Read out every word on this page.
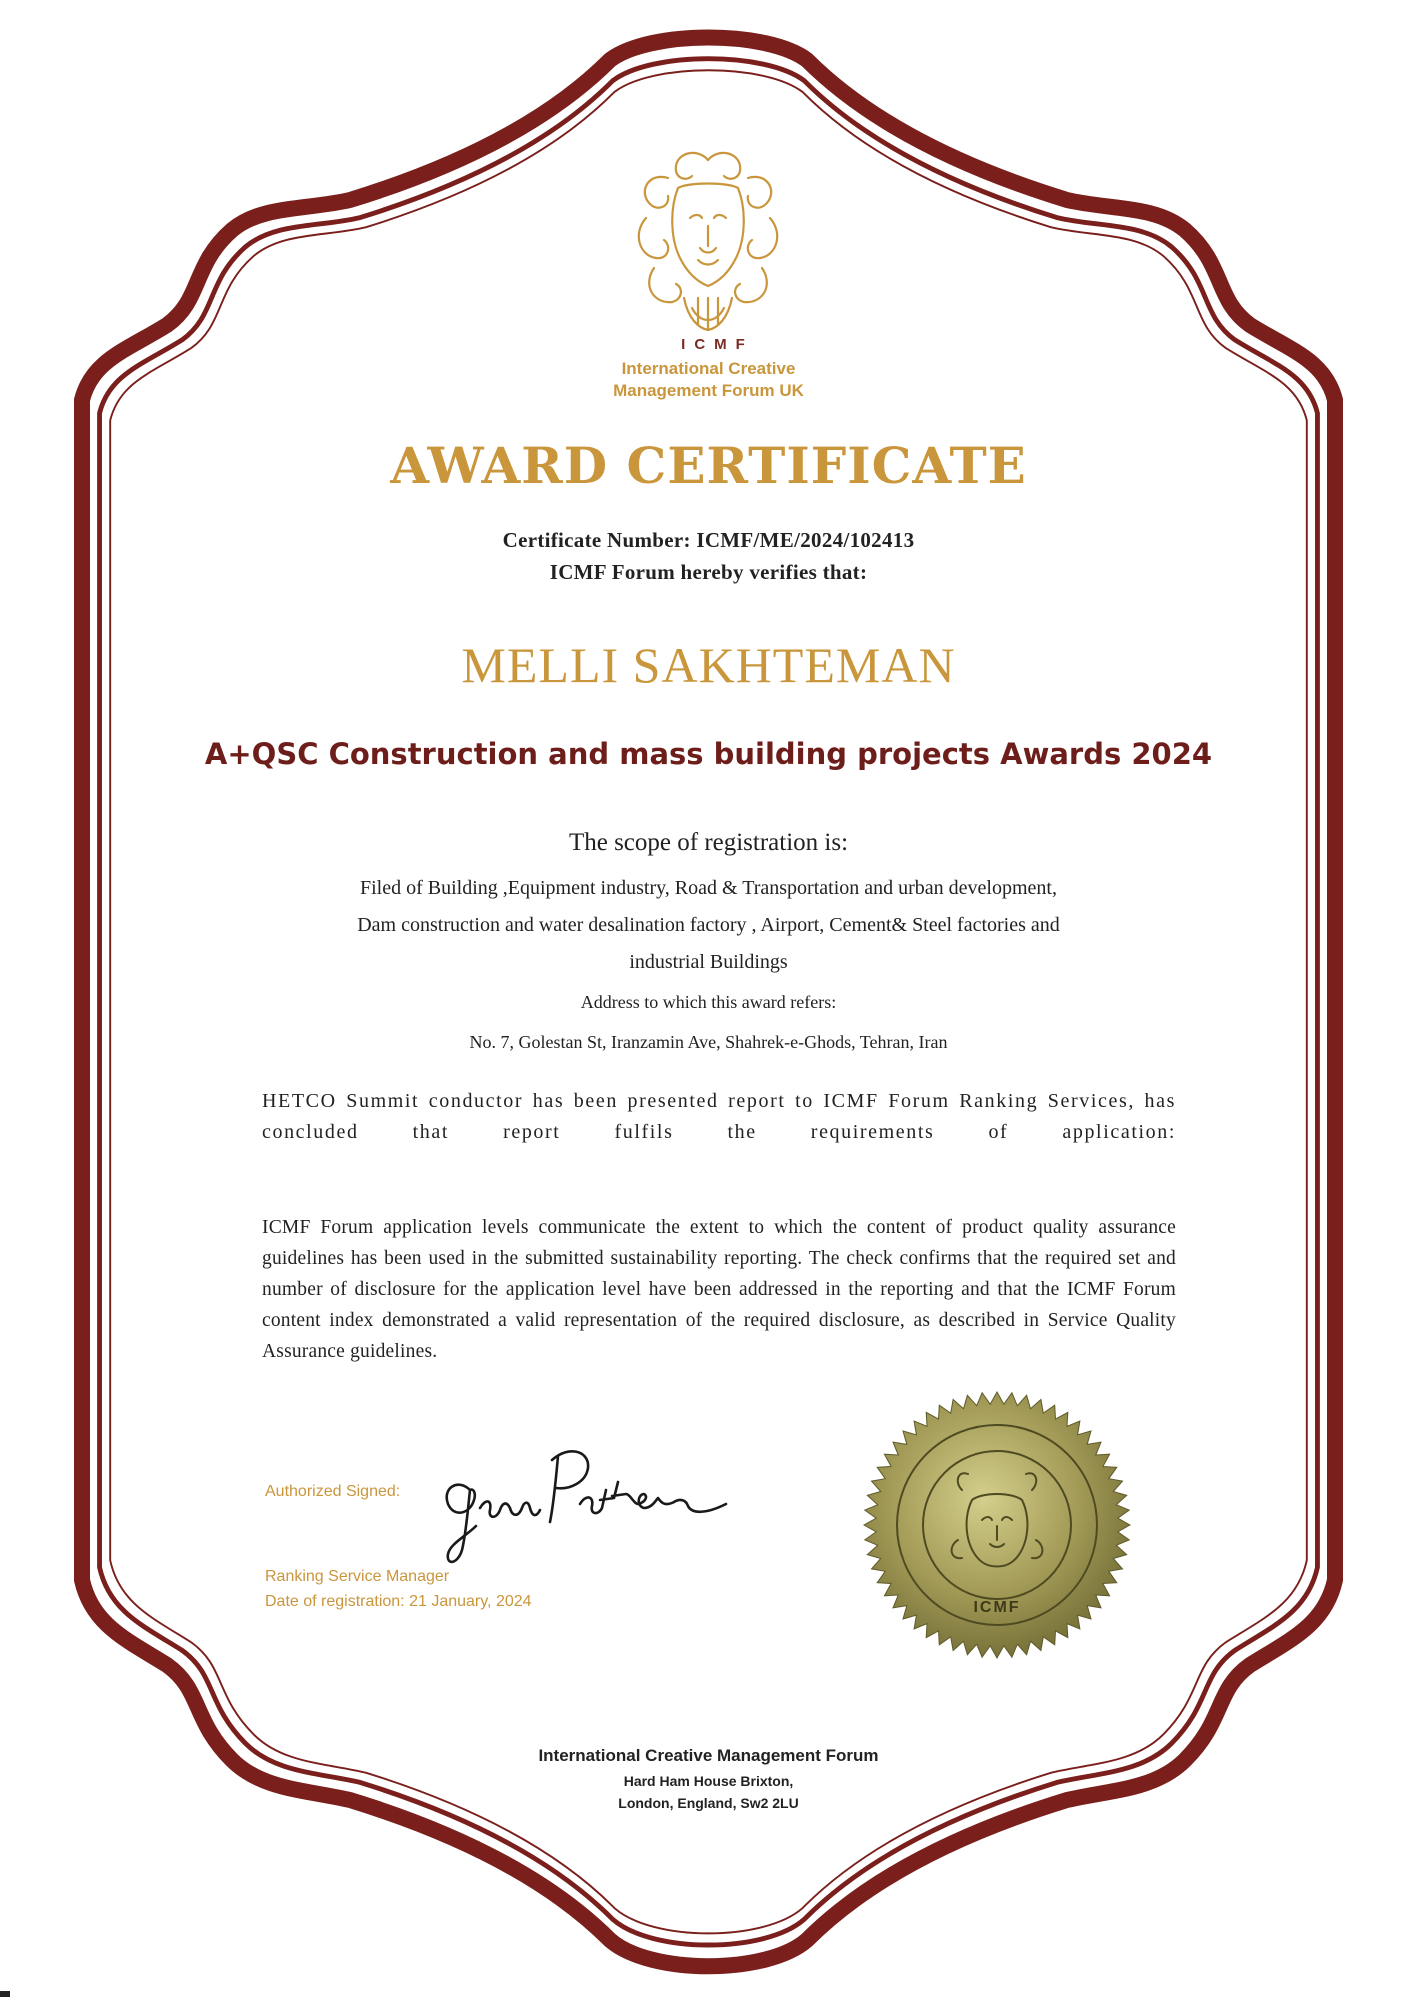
ICMF
International Creative
Management Forum UK
AWARD CERTIFICATE
Certificate Number: ICMF/ME/2024/102413
ICMF Forum hereby verifies that:
MELLI SAKHTEMAN
A+QSC Construction and mass building projects Awards 2024
The scope of registration is:
Filed of Building ,Equipment industry, Road & Transportation and urban development,
Dam construction and water desalination factory , Airport, Cement& Steel factories and
industrial Buildings
Address to which this award refers:
No. 7, Golestan St, Iranzamin Ave, Shahrek-e-Ghods, Tehran, Iran
HETCO Summit conductor has been presented report to ICMF Forum Ranking Services, has concluded that report fulfils the requirements of application:
ICMF Forum application levels communicate the extent to which the content of product quality assurance guidelines has been used in the submitted sustainability reporting. The check confirms that the required set and number of disclosure for the application level have been addressed in the reporting and that the ICMF Forum content index demonstrated a valid representation of the required disclosure, as described in Service Quality Assurance guidelines.
Authorized Signed:
Ranking Service Manager
Date of registration: 21 January, 2024	ICMF
International Creative Management Forum
Hard Ham House Brixton,
London, England, Sw2 2LU
